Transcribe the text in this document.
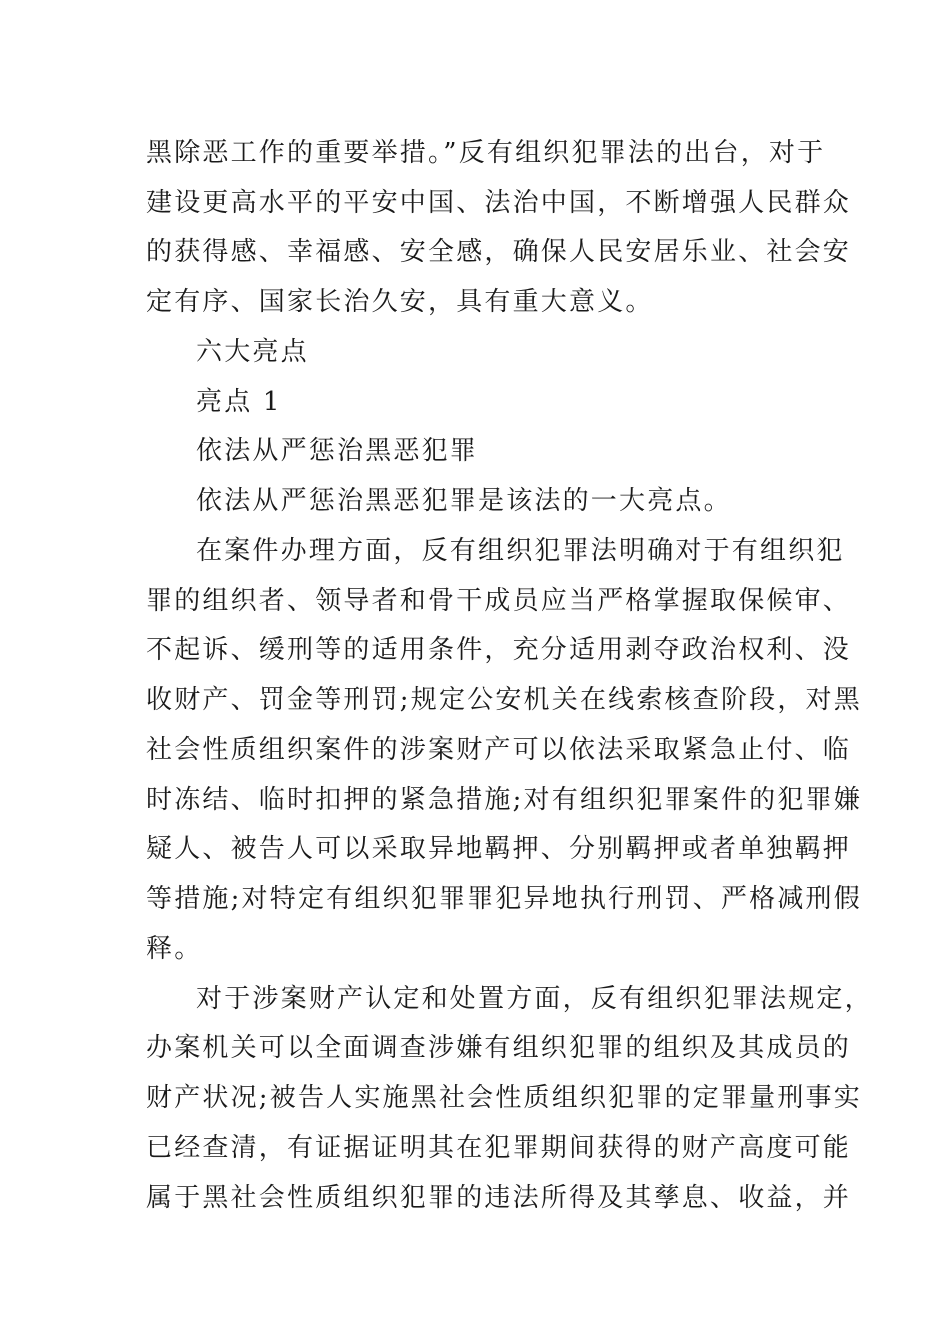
黑除恶工作的重要举措。”反有组织犯罪法的出台，对于
建设更高水平的平安中国、法治中国，不断增强人民群众
的获得感、幸福感、安全感，确保人民安居乐业、社会安
定有序、国家长治久安，具有重大意义。
六大亮点
亮点 1
依法从严惩治黑恶犯罪
依法从严惩治黑恶犯罪是该法的一大亮点。
在案件办理方面，反有组织犯罪法明确对于有组织犯
罪的组织者、领导者和骨干成员应当严格掌握取保候审、
不起诉、缓刑等的适用条件，充分适用剥夺政治权利、没
收财产、罚金等刑罚;规定公安机关在线索核查阶段，对黑
社会性质组织案件的涉案财产可以依法采取紧急止付、临
时冻结、临时扣押的紧急措施;对有组织犯罪案件的犯罪嫌
疑人、被告人可以采取异地羁押、分别羁押或者单独羁押
等措施;对特定有组织犯罪罪犯异地执行刑罚、严格减刑假
释。
对于涉案财产认定和处置方面，反有组织犯罪法规定，
办案机关可以全面调查涉嫌有组织犯罪的组织及其成员的
财产状况;被告人实施黑社会性质组织犯罪的定罪量刑事实
已经查清，有证据证明其在犯罪期间获得的财产高度可能
属于黑社会性质组织犯罪的违法所得及其孳息、收益，并
